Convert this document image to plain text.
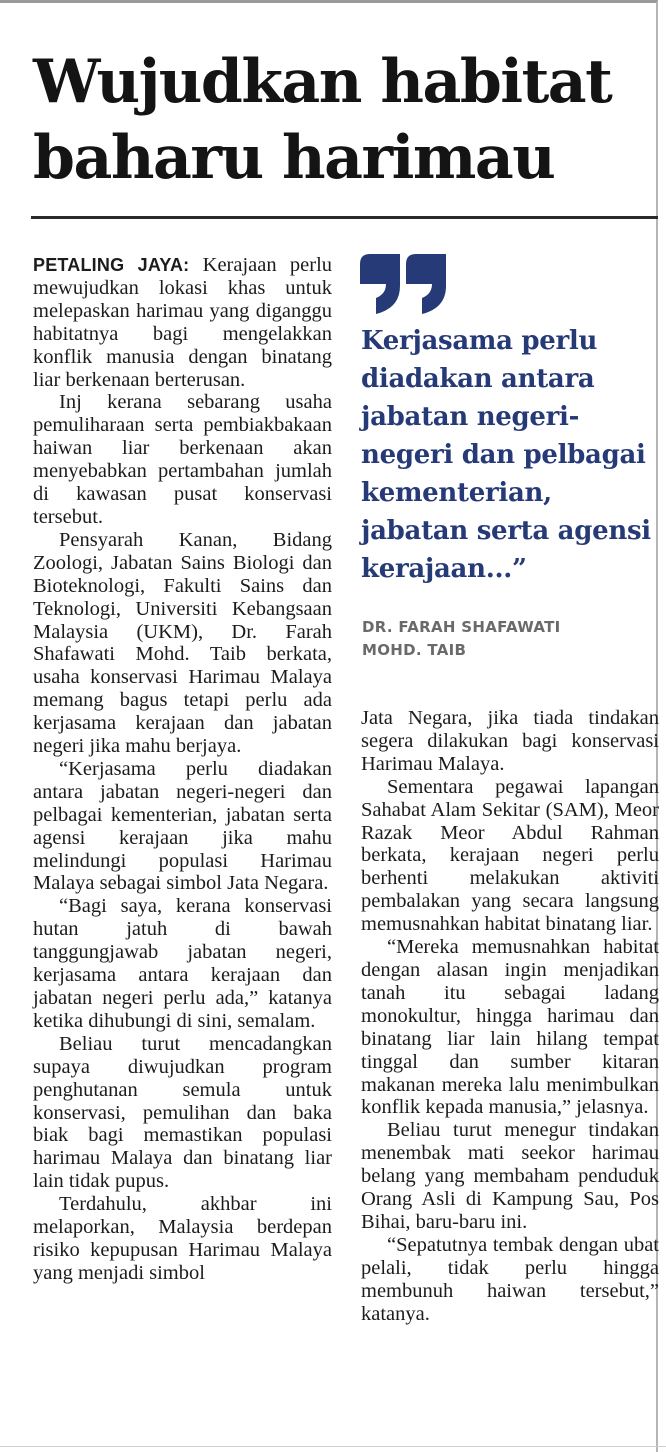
Wujudkan habitat baharu harimau

PETALING JAYA: Kerajaan perlu mewujudkan lokasi khas untuk melepaskan harimau yang diganggu habitatnya bagi mengelakkan konflik manusia dengan binatang liar berkenaan berterusan.

Inj kerana sebarang usaha pemuliharaan serta pembiakbakaan haiwan liar berkenaan akan menyebabkan pertambahan jumlah di kawasan pusat konservasi tersebut.

Pensyarah Kanan, Bidang Zoologi, Jabatan Sains Biologi dan Bioteknologi, Fakulti Sains dan Teknologi, Universiti Kebangsaan Malaysia (UKM), Dr. Farah Shafawati Mohd. Taib berkata, usaha konservasi Harimau Malaya memang bagus tetapi perlu ada kerjasama kerajaan dan jabatan negeri jika mahu berjaya.

“Kerjasama perlu diadakan antara jabatan negeri-negeri dan pelbagai kementerian, jabatan serta agensi kerajaan jika mahu melindungi populasi Harimau Malaya sebagai simbol Jata Negara.

“Bagi saya, kerana konservasi hutan jatuh di bawah tanggungjawab jabatan negeri, kerjasama antara kerajaan dan jabatan negeri perlu ada,” katanya ketika dihubungi di sini, semalam.

Beliau turut mencadangkan supaya diwujudkan program penghutanan semula untuk konservasi, pemulihan dan baka biak bagi memastikan populasi harimau Malaya dan binatang liar lain tidak pupus.

Terdahulu, akhbar ini melaporkan, Malaysia berdepan risiko kepupusan Harimau Malaya yang menjadi simbol

Kerjasama perlu diadakan antara jabatan negeri-negeri dan pelbagai kementerian, jabatan serta agensi kerajaan...”
DR. FARAH SHAFAWATI
MOHD. TAIB

Jata Negara, jika tiada tindakan segera dilakukan bagi konservasi Harimau Malaya.

Sementara pegawai lapangan Sahabat Alam Sekitar (SAM), Meor Razak Meor Abdul Rahman berkata, kerajaan negeri perlu berhenti melakukan aktiviti pembalakan yang secara langsung memusnahkan habitat binatang liar.

“Mereka memusnahkan habitat dengan alasan ingin menjadikan tanah itu sebagai ladang monokultur, hingga harimau dan binatang liar lain hilang tempat tinggal dan sumber kitaran makanan mereka lalu menimbulkan konflik kepada manusia,” jelasnya.

Beliau turut menegur tindakan menembak mati seekor harimau belang yang membaham penduduk Orang Asli di Kampung Sau, Pos Bihai, baru-baru ini.

“Sepatutnya tembak dengan ubat pelali, tidak perlu hingga membunuh haiwan tersebut,” katanya.
